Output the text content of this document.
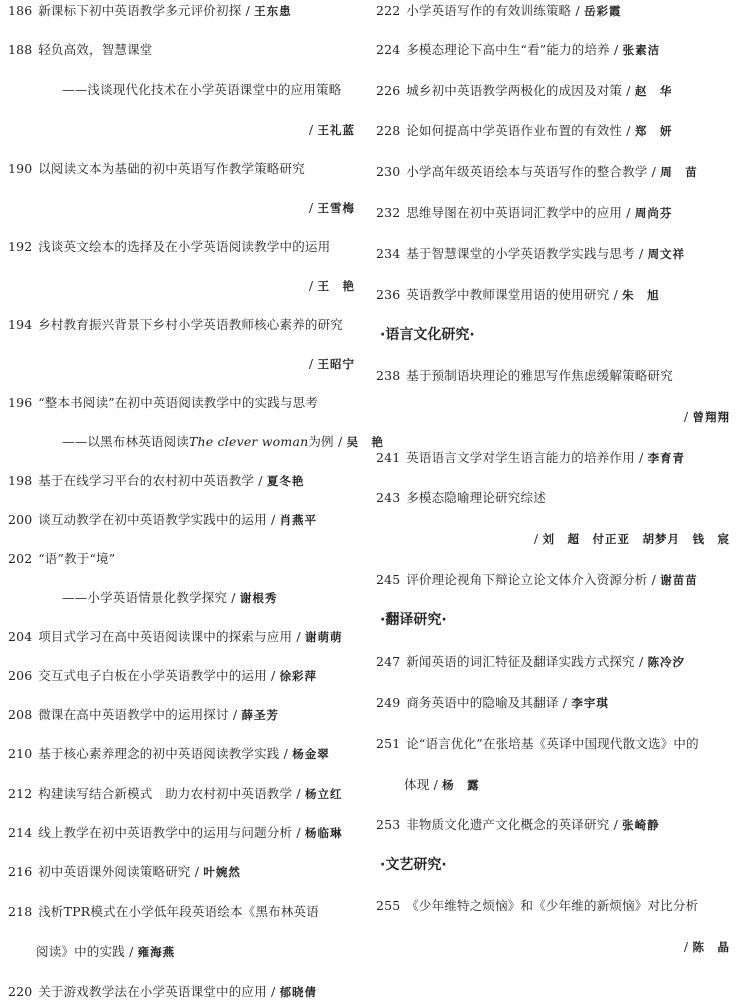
186 新课标下初中英语教学多元评价初探 / 王东患
188 轻负高效，智慧课堂
——浅谈现代化技术在小学英语课堂中的应用策略
/ 王礼蓝
190 以阅读文本为基础的初中英语写作教学策略研究
/ 王雪梅
192 浅谈英文绘本的选择及在小学英语阅读教学中的运用
/ 王　艳
194 乡村教育振兴背景下乡村小学英语教师核心素养的研究
/ 王昭宁
196 “整本书阅读”在初中英语阅读教学中的实践与思考
——以黑布林英语阅读The clever woman为例 / 吴　艳
198 基于在线学习平台的农村初中英语教学 / 夏冬艳
200 谈互动教学在初中英语教学实践中的运用 / 肖燕平
202 “语”教于“境”
——小学英语情景化教学探究 / 谢根秀
204 项目式学习在高中英语阅读课中的探索与应用 / 谢萌萌
206 交互式电子白板在小学英语教学中的运用 / 徐彩萍
208 微课在高中英语教学中的运用探讨 / 薛圣芳
210 基于核心素养理念的初中英语阅读教学实践 / 杨金翠
212 构建读写结合新模式　助力农村初中英语教学 / 杨立红
214 线上教学在初中英语教学中的运用与问题分析 / 杨临琳
216 初中英语课外阅读策略研究 / 叶婉然
218 浅析TPR模式在小学低年段英语绘本《黑布林英语
阅读》中的实践 / 雍海燕
220 关于游戏教学法在小学英语课堂中的应用 / 郁晓倩
222 小学英语写作的有效训练策略 / 岳彩霞
224 多模态理论下高中生“看”能力的培养 / 张素洁
226 城乡初中英语教学两极化的成因及对策 / 赵　华
228 论如何提高中学英语作业布置的有效性 / 郑　妍
230 小学高年级英语绘本与英语写作的整合教学 / 周　苗
232 思维导图在初中英语词汇教学中的应用 / 周尚芬
234 基于智慧课堂的小学英语教学实践与思考 / 周文祥
236 英语教学中教师课堂用语的使用研究 / 朱　旭
·语言文化研究·
238 基于预制语块理论的雅思写作焦虑缓解策略研究
/ 曾翔翔
241 英语语言文学对学生语言能力的培养作用 / 李育青
243 多模态隐喻理论研究综述
/ 刘　超　付正亚　胡梦月　钱　宸
245 评价理论视角下辩论立论文体介入资源分析 / 谢苗苗
·翻译研究·
247 新闻英语的词汇特征及翻译实践方式探究 / 陈冷汐
249 商务英语中的隐喻及其翻译 / 李宇琪
251 论“语言优化”在张培基《英译中国现代散文选》中的
体现 / 杨　露
253 非物质文化遗产文化概念的英译研究 / 张崎静
·文艺研究·
255 《少年维特之烦恼》和《少年维的新烦恼》对比分析
/ 陈　晶
